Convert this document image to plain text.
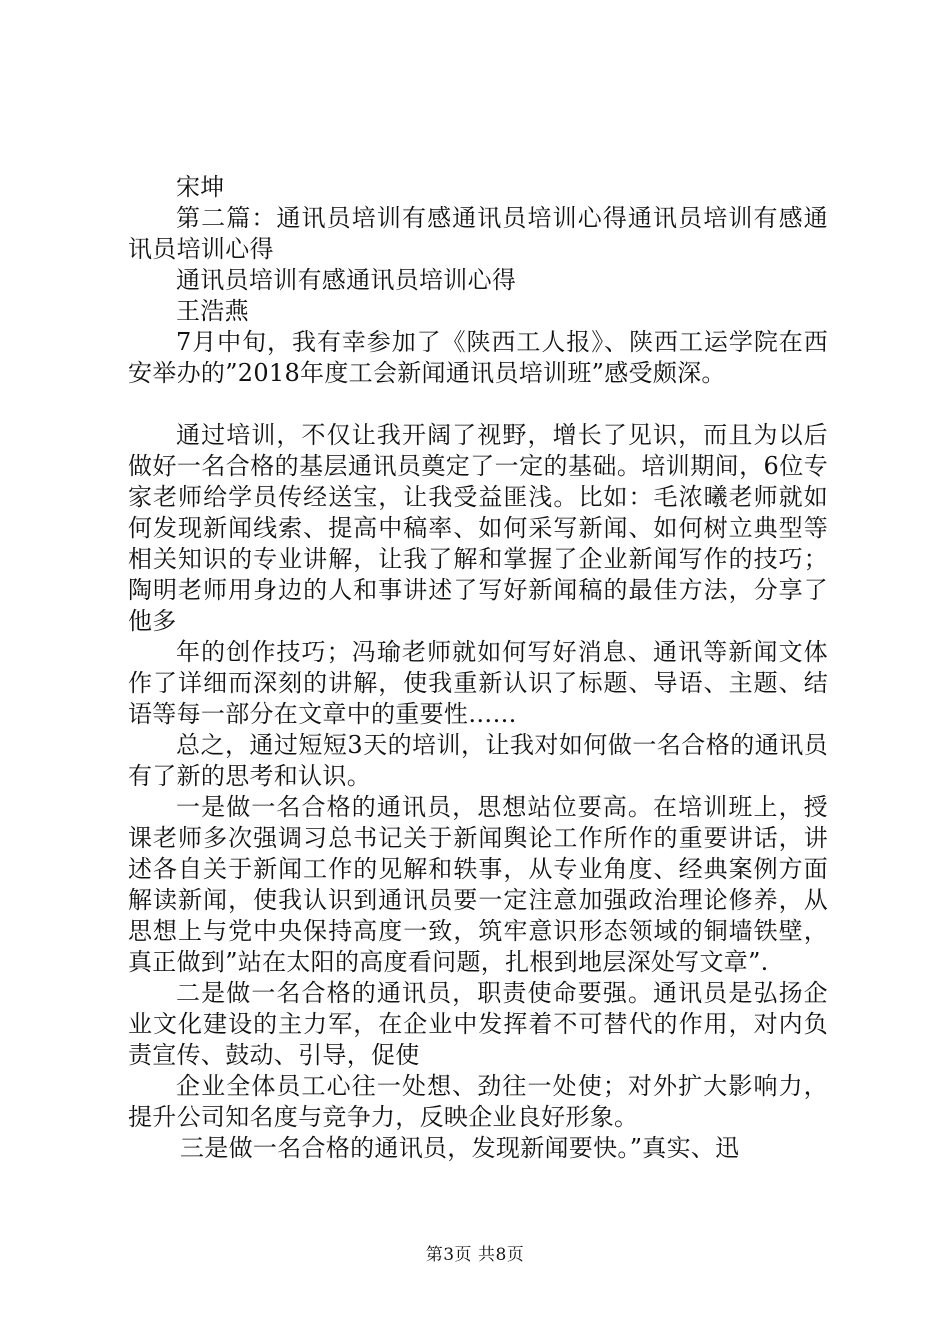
宋坤

第二篇：通讯员培训有感通讯员培训心得通讯员培训有感通讯员培训心得

通讯员培训有感通讯员培训心得

王浩燕

7月中旬，我有幸参加了《陕西工人报》、陕西工运学院在西安举办的”2018年度工会新闻通讯员培训班”感受颇深。

通过培训，不仅让我开阔了视野，增长了见识，而且为以后做好一名合格的基层通讯员奠定了一定的基础。培训期间，6位专家老师给学员传经送宝，让我受益匪浅。比如：毛浓曦老师就如何发现新闻线索、提高中稿率、如何采写新闻、如何树立典型等相关知识的专业讲解，让我了解和掌握了企业新闻写作的技巧；陶明老师用身边的人和事讲述了写好新闻稿的最佳方法，分享了他多

年的创作技巧；冯瑜老师就如何写好消息、通讯等新闻文体作了详细而深刻的讲解，使我重新认识了标题、导语、主题、结语等每一部分在文章中的重要性……

总之，通过短短3天的培训，让我对如何做一名合格的通讯员有了新的思考和认识。

一是做一名合格的通讯员，思想站位要高。在培训班上，授课老师多次强调习总书记关于新闻舆论工作所作的重要讲话，讲述各自关于新闻工作的见解和轶事，从专业角度、经典案例方面解读新闻，使我认识到通讯员要一定注意加强政治理论修养，从思想上与党中央保持高度一致，筑牢意识形态领域的铜墙铁壁，真正做到”站在太阳的高度看问题，扎根到地层深处写文章”.

二是做一名合格的通讯员，职责使命要强。通讯员是弘扬企业文化建设的主力军，在企业中发挥着不可替代的作用，对内负责宣传、鼓动、引导，促使

企业全体员工心往一处想、劲往一处使；对外扩大影响力，提升公司知名度与竞争力，反映企业良好形象。

三是做一名合格的通讯员，发现新闻要快。”真实、迅

第3页 共8页
